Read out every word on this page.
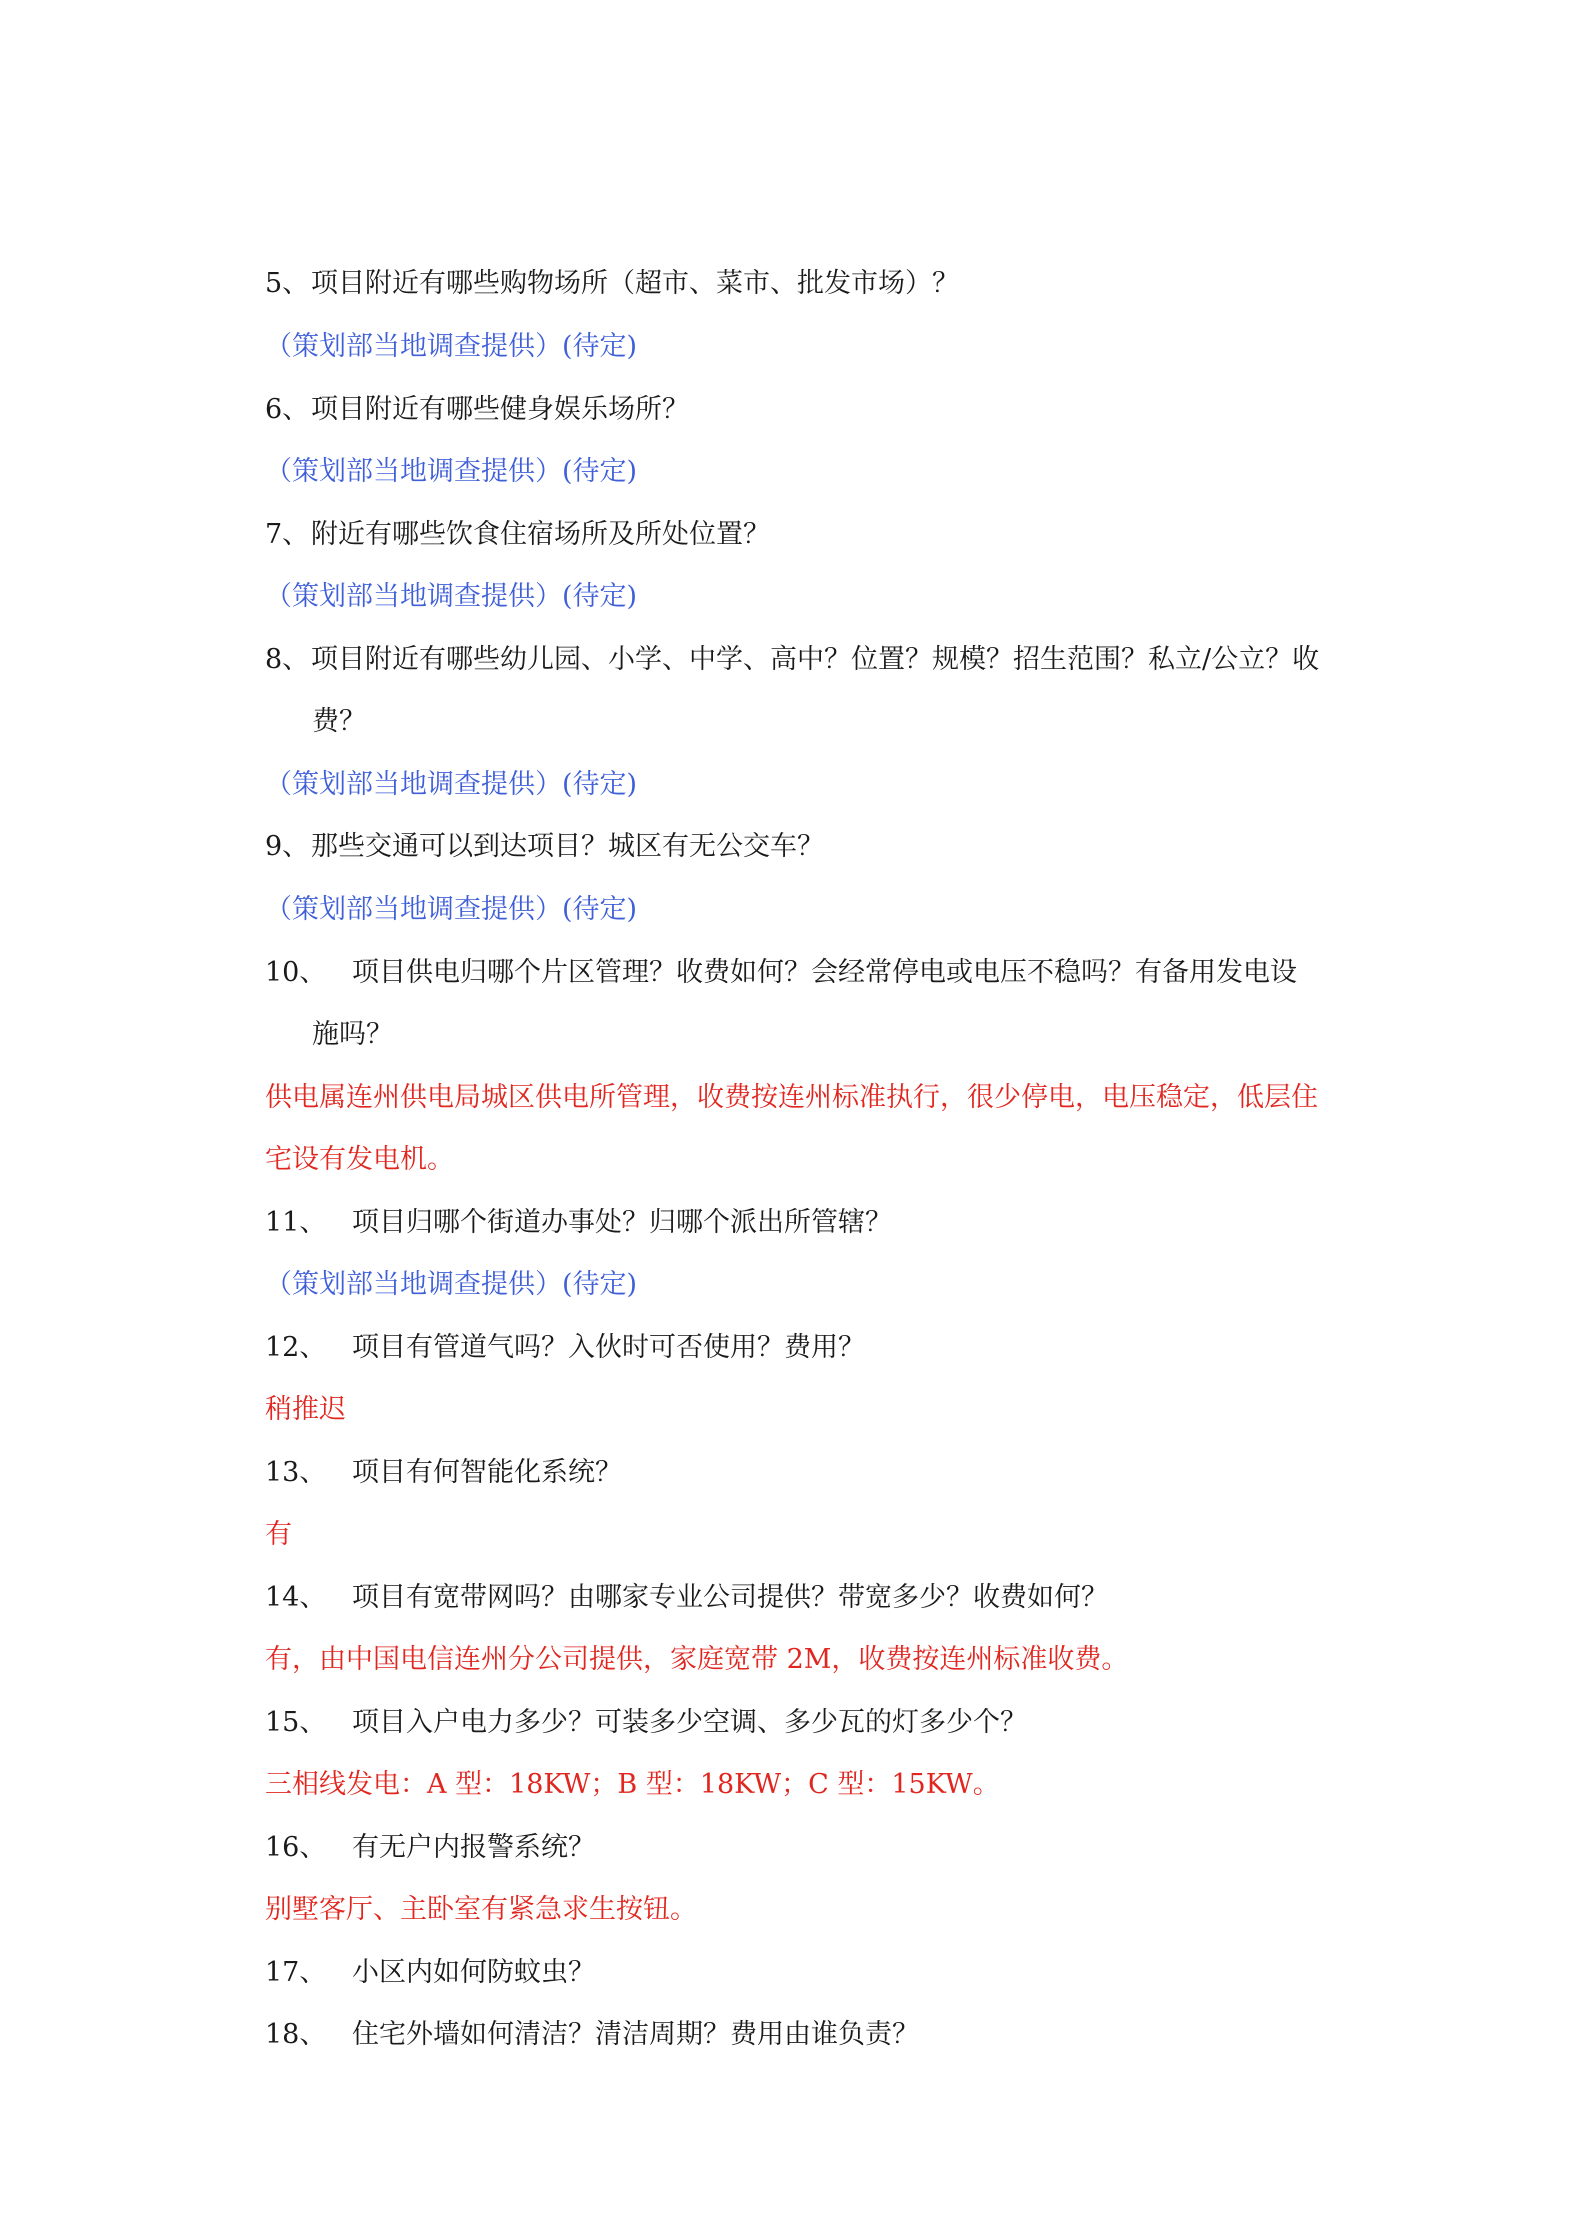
5、项目附近有哪些购物场所（超市、菜市、批发市场）？
（策划部当地调查提供）(待定)
6、项目附近有哪些健身娱乐场所？
（策划部当地调查提供）(待定)
7、附近有哪些饮食住宿场所及所处位置？
（策划部当地调查提供）(待定)
8、项目附近有哪些幼儿园、小学、中学、高中？位置？规模？招生范围？私立/公立？收
费？
（策划部当地调查提供）(待定)
9、那些交通可以到达项目？城区有无公交车？
（策划部当地调查提供）(待定)
10、 项目供电归哪个片区管理？收费如何？会经常停电或电压不稳吗？有备用发电设
施吗？
供电属连州供电局城区供电所管理，收费按连州标准执行，很少停电，电压稳定，低层住
宅设有发电机。
11、 项目归哪个街道办事处？归哪个派出所管辖？
（策划部当地调查提供）(待定)
12、 项目有管道气吗？入伙时可否使用？费用？
稍推迟
13、 项目有何智能化系统？
有
14、 项目有宽带网吗？由哪家专业公司提供？带宽多少？收费如何？
有，由中国电信连州分公司提供，家庭宽带 2M，收费按连州标准收费。
15、 项目入户电力多少？可装多少空调、多少瓦的灯多少个？
三相线发电：A 型：18KW；B 型：18KW；C 型：15KW。
16、 有无户内报警系统？
别墅客厅、主卧室有紧急求生按钮。
17、 小区内如何防蚊虫？
18、 住宅外墙如何清洁？清洁周期？费用由谁负责？
